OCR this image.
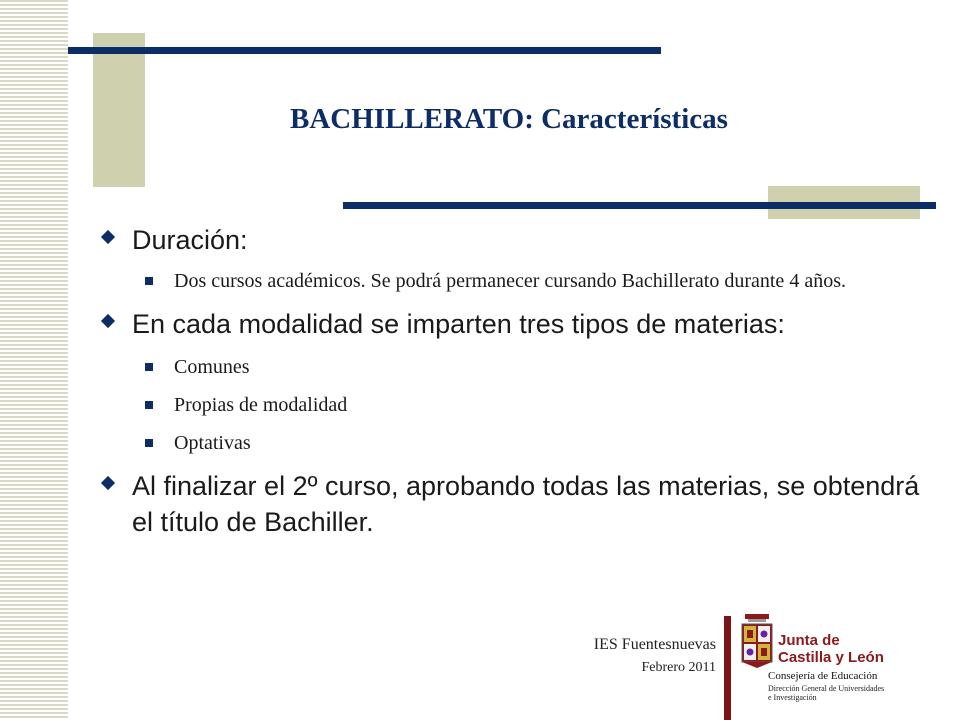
BACHILLERATO: Características
Duración:
Dos cursos académicos. Se podrá permanecer cursando Bachillerato durante 4 años.
En cada modalidad se imparten tres tipos de materias:
Comunes
Propias de modalidad
Optativas
Al finalizar el 2º curso, aprobando todas las materias, se obtendrá el título de Bachiller.
IES Fuentesnuevas
Febrero 2011
Junta de
Castilla y León
Consejería de Educación
Dirección General de Universidades
e Investigación
